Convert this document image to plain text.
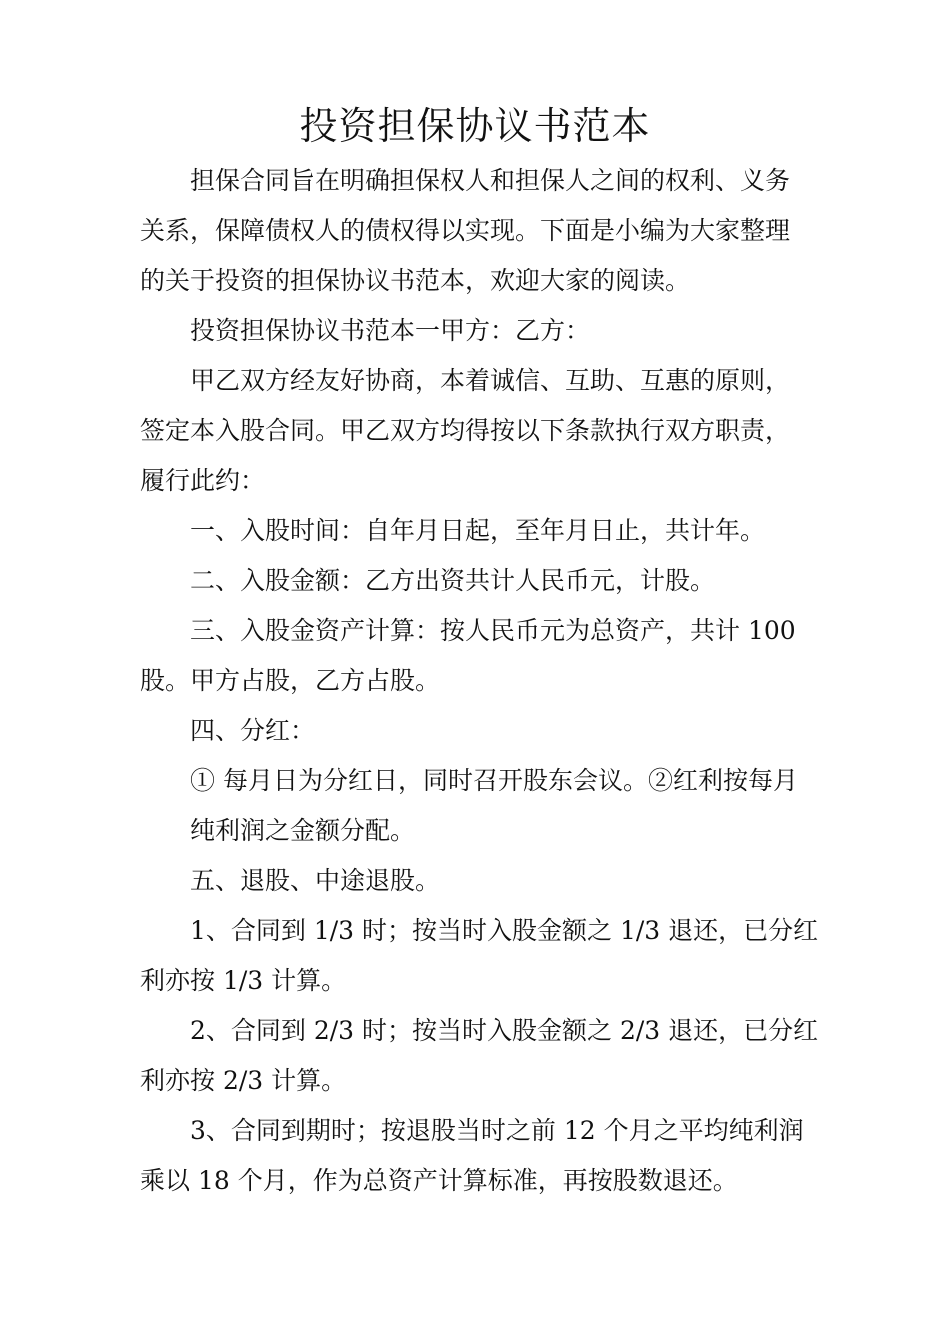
投资担保协议书范本
担保合同旨在明确担保权人和担保人之间的权利、义务
关系，保障债权人的债权得以实现。下面是小编为大家整理
的关于投资的担保协议书范本，欢迎大家的阅读。
投资担保协议书范本一甲方：乙方：
甲乙双方经友好协商，本着诚信、互助、互惠的原则，
签定本入股合同。甲乙双方均得按以下条款执行双方职责，
履行此约：
一、入股时间：自年月日起，至年月日止，共计年。
二、入股金额：乙方出资共计人民币元，计股。
三、入股金资产计算：按人民币元为总资产，共计 100
股。甲方占股，乙方占股。
四、分红：
① 每月日为分红日，同时召开股东会议。②红利按每月
纯利润之金额分配。
五、退股、中途退股。
1、合同到 1/3 时；按当时入股金额之 1/3 退还，已分红
利亦按 1/3 计算。
2、合同到 2/3 时；按当时入股金额之 2/3 退还，已分红
利亦按 2/3 计算。
3、合同到期时；按退股当时之前 12 个月之平均纯利润
乘以 18 个月，作为总资产计算标准，再按股数退还。
